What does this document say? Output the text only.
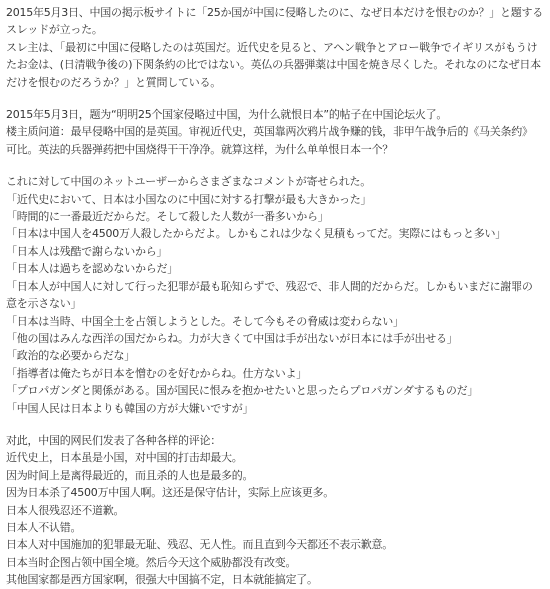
2015年5月3日、中国の掲示板サイトに「25か国が中国に侵略したのに、なぜ日本だけを恨むのか？」と題する
スレッドが立った。
スレ主は、「最初に中国に侵略したのは英国だ。近代史を見ると、アヘン戦争とアロー戦争でイギリスがもうけ
たお金は、(日清戦争後の)下関条約の比ではない。英仏の兵器弾薬は中国を焼き尽くした。それなのになぜ日本
だけを恨むのだろうか？」と質問している。
2015年5月3日，题为“明明25个国家侵略过中国，为什么就恨日本”的帖子在中国论坛火了。
楼主质问道：最早侵略中国的是英国。审视近代史，英国靠两次鸦片战争赚的钱，非甲午战争后的《马关条约》
可比。英法的兵器弹药把中国烧得干干净净。就算这样，为什么单单恨日本一个？
これに対して中国のネットユーザーからさまざまなコメントが寄せられた。
「近代史において、日本は小国なのに中国に対する打撃が最も大きかった」
「時間的に一番最近だからだ。そして殺した人数が一番多いから」
「日本は中国人を4500万人殺したからだよ。しかもこれは少なく見積もってだ。実際にはもっと多い」
「日本人は残酷で謝らないから」
「日本人は過ちを認めないからだ」
「日本人が中国人に対して行った犯罪が最も恥知らずで、残忍で、非人間的だからだ。しかもいまだに謝罪の
意を示さない」
「日本は当時、中国全土を占領しようとした。そして今もその脅威は変わらない」
「他の国はみんな西洋の国だからね。力が大きくて中国は手が出ないが日本には手が出せる」
「政治的な必要からだな」
「指導者は俺たちが日本を憎むのを好むからね。仕方ないよ」
「プロパガンダと関係がある。国が国民に恨みを抱かせたいと思ったらプロパガンダするものだ」
「中国人民は日本よりも韓国の方が大嫌いですが」
对此，中国的网民们发表了各种各样的评论：
近代史上，日本虽是小国，对中国的打击却最大。
因为时间上是离得最近的，而且杀的人也是最多的。
因为日本杀了4500万中国人啊。这还是保守估计，实际上应该更多。
日本人很残忍还不道歉。
日本人不认错。
日本人对中国施加的犯罪最无耻、残忍、无人性。而且直到今天都还不表示歉意。
日本当时企图占领中国全境。然后今天这个威胁都没有改变。
其他国家都是西方国家啊，很强大中国搞不定，日本就能搞定了。
